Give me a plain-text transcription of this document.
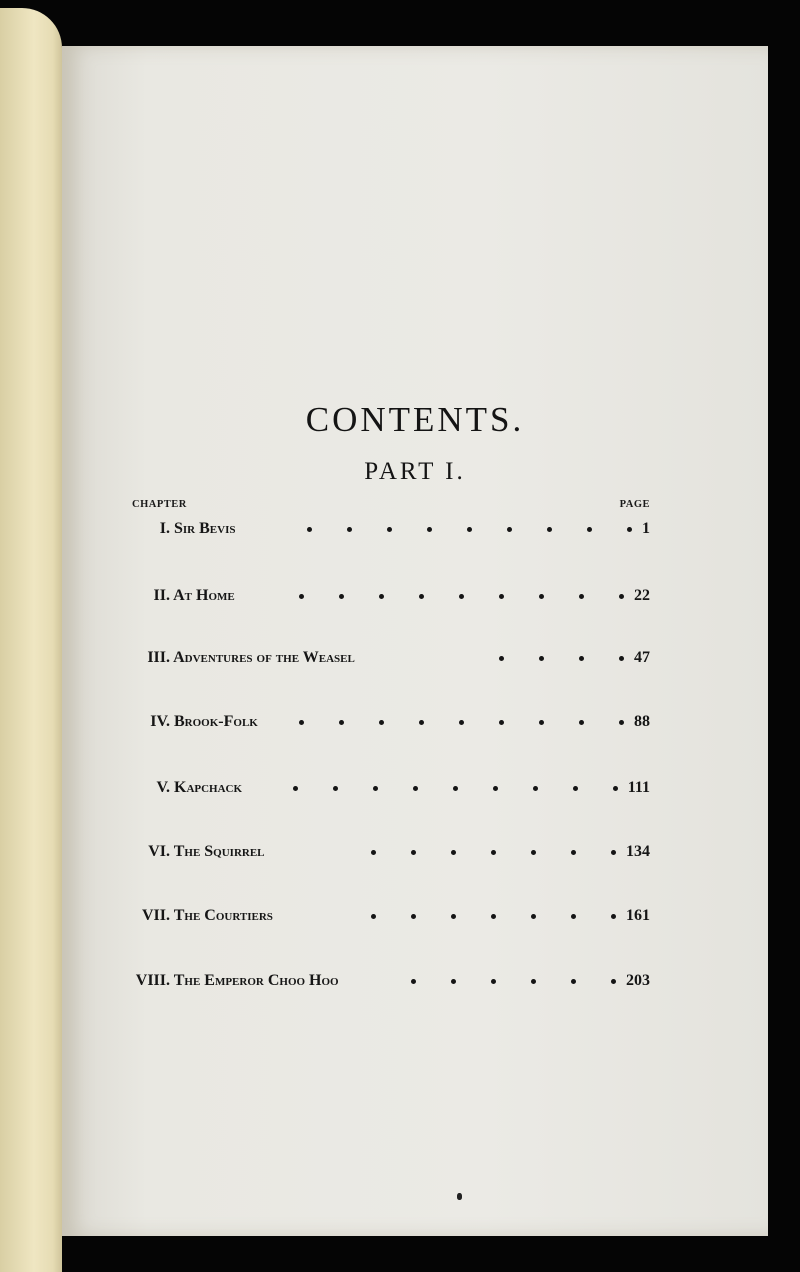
CONTENTS.
PART I.
CHAPTER	PAGE
I. Sir Bevis	1
II. At Home	22
III. Adventures of the Weasel	47
IV. Brook-Folk	88
V. Kapchack	111
VI. The Squirrel	134
VII. The Courtiers	161
VIII. The Emperor Choo Hoo	203
